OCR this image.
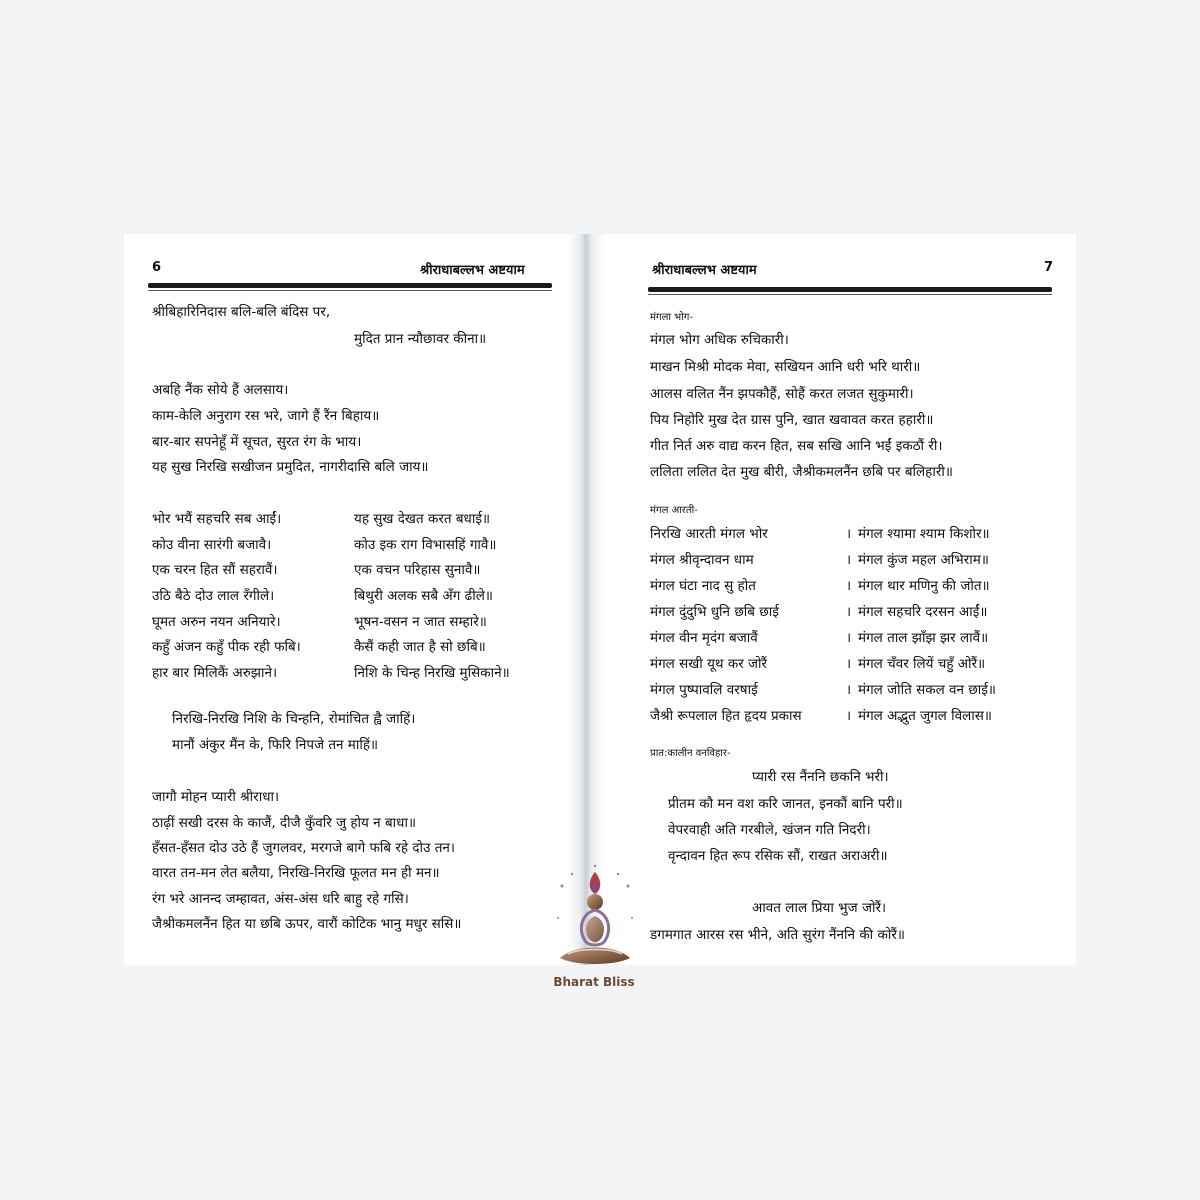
6	श्रीराधाबल्लभ अष्टयाम
श्रीबिहारिनिदास बलि-बलि बंदिस पर,
मुदित प्रान न्यौछावर कीना॥
अबहि नैंक सोये हैं अलसाय।
काम-केलि अनुराग रस भरे, जागे हैं रैंन बिहाय॥
बार-बार सपनेहूँ में सूचत, सुरत रंग के भाय।
यह सुख निरखि सखीजन प्रमुदित, नागरीदासि बलि जाय॥
भोर भयैं सहचरि सब आईं।	यह सुख देखत करत बधाई॥
कोउ वीना सारंगी बजावै।	कोउ इक राग विभासहिं गावै॥
एक चरन हित सौं सहरावैं।	एक वचन परिहास सुनावै॥
उठि बैठे दोउ लाल रँगीले।	बिथुरी अलक सबै अँग ढीले॥
घूमत अरुन नयन अनियारे।	भूषन-वसन न जात सम्हारे॥
कहुँ अंजन कहुँ पीक रही फबि।	कैसैं कही जात है सो छबि॥
हार बार मिलिकैं अरुझाने।	निशि के चिन्ह निरखि मुसिकाने॥
निरखि-निरखि निशि के चिन्हनि, रोमांचित ह्वै जाहिं।
मानौं अंकुर मैंन के, फिरि निपजे तन माहिं॥
जागौ मोहन प्यारी श्रीराधा।
ठाढ़ीं सखी दरस के काजैं, दीजै कुँवरि जु होय न बाधा॥
हँसत-हँसत दोउ उठे हैं जुगलवर, मरगजे बागे फबि रहे दोउ तन।
वारत तन-मन लेत बलैया, निरखि-निरखि फूलत मन ही मन॥
रंग भरे आनन्द जम्हावत, अंस-अंस धरि बाहु रहे गसि।
जैश्रीकमलनैंन हित या छबि ऊपर, वारौं कोटिक भानु मधुर ससि॥
श्रीराधाबल्लभ अष्टयाम	7
मंगला भोग-
मंगल भोग अधिक रुचिकारी।
माखन मिश्री मोदक मेवा, सखियन आनि धरी भरि थारी॥
आलस वलित नैंन झपकौहैं, सोहैं करत लजत सुकुमारी।
पिय निहोरि मुख देत ग्रास पुनि, खात खवावत करत हहारी॥
गीत निर्त अरु वाद्य करन हित, सब सखि आनि भईं इकठौं री।
ललिता ललित देत मुख बीरी, जैश्रीकमलनैंन छबि पर बलिहारी॥
मंगल आरती-
निरखि आरती मंगल भोर	। मंगल श्यामा श्याम किशोर॥
मंगल श्रीवृन्दावन धाम	। मंगल कुंज महल अभिराम॥
मंगल घंटा नाद सु होत	। मंगल थार मणिनु की जोत॥
मंगल दुंदुभि धुनि छबि छाई	। मंगल सहचरि दरसन आईं॥
मंगल वीन मृदंग बजावैं	। मंगल ताल झाँझ झर लावैं॥
मंगल सखी यूथ कर जोरैं	। मंगल चँवर लियें चहुँ ओरैं॥
मंगल पुष्पावलि वरषाई	। मंगल जोति सकल वन छाई॥
जैश्री रूपलाल हित हृदय प्रकास	। मंगल अद्भुत जुगल विलास॥
प्रात:कालीन वनविहार-
प्यारी रस नैंननि छकनि भरी।
प्रीतम कौ मन वश करि जानत, इनकौं बानि परी॥
वेपरवाही अति गरबीले, खंजन गति निदरी।
वृन्दावन हित रूप रसिक सौं, राखत अराअरी॥
आवत लाल प्रिया भुज जोरैं।
डगमगात आरस रस भीने, अति सुरंग नैंननि की कोरैं॥
Bharat Bliss
